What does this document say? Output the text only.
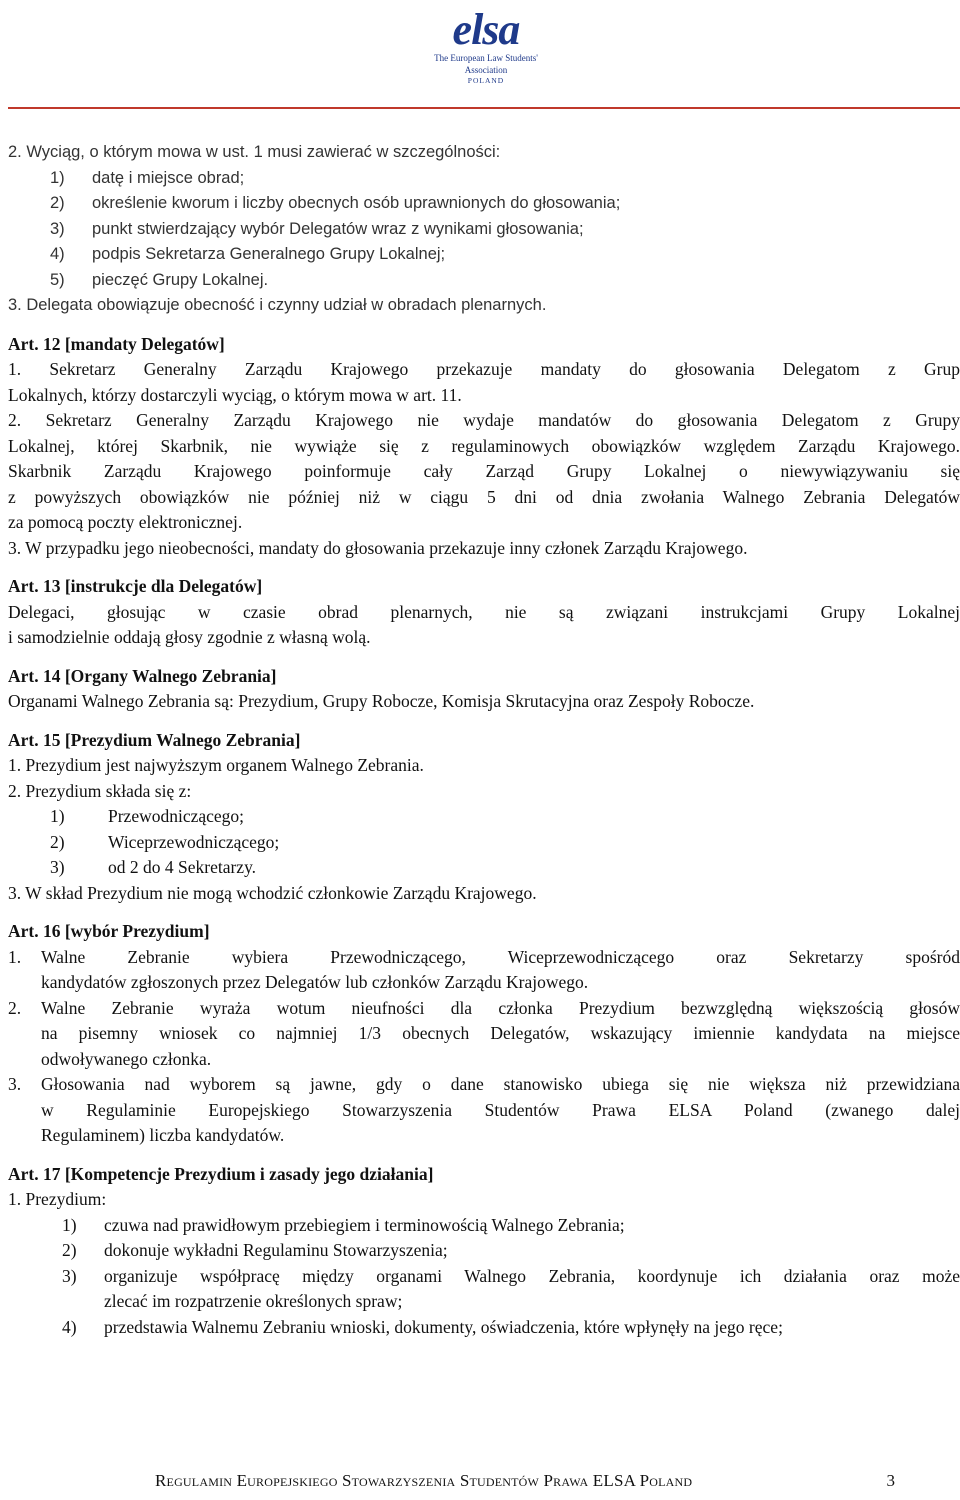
elsa
The European Law Students' Association
POLAND
2. Wyciąg, o którym mowa w ust. 1 musi zawierać w szczególności:
1) datę i miejsce obrad;
2) określenie kworum i liczby obecnych osób uprawnionych do głosowania;
3) punkt stwierdzający wybór Delegatów wraz z wynikami głosowania;
4) podpis Sekretarza Generalnego Grupy Lokalnej;
5) pieczęć Grupy Lokalnej.
3. Delegata obowiązuje obecność i czynny udział w obradach plenarnych.
Art. 12 [mandaty Delegatów]
1. Sekretarz Generalny Zarządu Krajowego przekazuje mandaty do głosowania Delegatom z Grup
Lokalnych, którzy dostarczyli wyciąg, o którym mowa w art. 11.
2. Sekretarz Generalny Zarządu Krajowego nie wydaje mandatów do głosowania Delegatom z Grupy
Lokalnej, której Skarbnik, nie wywiąże się z regulaminowych obowiązków względem Zarządu Krajowego.
Skarbnik Zarządu Krajowego poinformuje cały Zarząd Grupy Lokalnej o niewywiązywaniu się
z powyższych obowiązków nie później niż w ciągu 5 dni od dnia zwołania Walnego Zebrania Delegatów
za pomocą poczty elektronicznej.
3. W przypadku jego nieobecności, mandaty do głosowania przekazuje inny członek Zarządu Krajowego.
Art. 13 [instrukcje dla Delegatów]
Delegaci, głosując w czasie obrad plenarnych, nie są związani instrukcjami Grupy Lokalnej
i samodzielnie oddają głosy zgodnie z własną wolą.
Art. 14 [Organy Walnego Zebrania]
Organami Walnego Zebrania są: Prezydium, Grupy Robocze, Komisja Skrutacyjna oraz Zespoły Robocze.
Art. 15 [Prezydium Walnego Zebrania]
1. Prezydium jest najwyższym organem Walnego Zebrania.
2. Prezydium składa się z:
1) Przewodniczącego;
2) Wiceprzewodniczącego;
3) od 2 do 4 Sekretarzy.
3. W skład Prezydium nie mogą wchodzić członkowie Zarządu Krajowego.
Art. 16 [wybór Prezydium]
1.	Walne Zebranie wybiera Przewodniczącego, Wiceprzewodniczącego oraz Sekretarzy spośród
kandydatów zgłoszonych przez Delegatów lub członków Zarządu Krajowego.
2.	Walne Zebranie wyraża wotum nieufności dla członka Prezydium bezwzględną większością głosów
na pisemny wniosek co najmniej 1/3 obecnych Delegatów, wskazujący imiennie kandydata na miejsce
odwoływanego członka.
3.	Głosowania nad wyborem są jawne, gdy o dane stanowisko ubiega się nie większa niż przewidziana
w Regulaminie Europejskiego Stowarzyszenia Studentów Prawa ELSA Poland (zwanego dalej
Regulaminem) liczba kandydatów.
Art. 17 [Kompetencje Prezydium i zasady jego działania]
1. Prezydium:
1)	czuwa nad prawidłowym przebiegiem i terminowością Walnego Zebrania;
2)	dokonuje wykładni Regulaminu Stowarzyszenia;
3)	organizuje współpracę między organami Walnego Zebrania, koordynuje ich działania oraz może
zlecać im rozpatrzenie określonych spraw;
4)	przedstawia Walnemu Zebraniu wnioski, dokumenty, oświadczenia, które wpłynęły na jego ręce;
Regulamin Europejskiego Stowarzyszenia Studentów Prawa ELSA Poland	3
